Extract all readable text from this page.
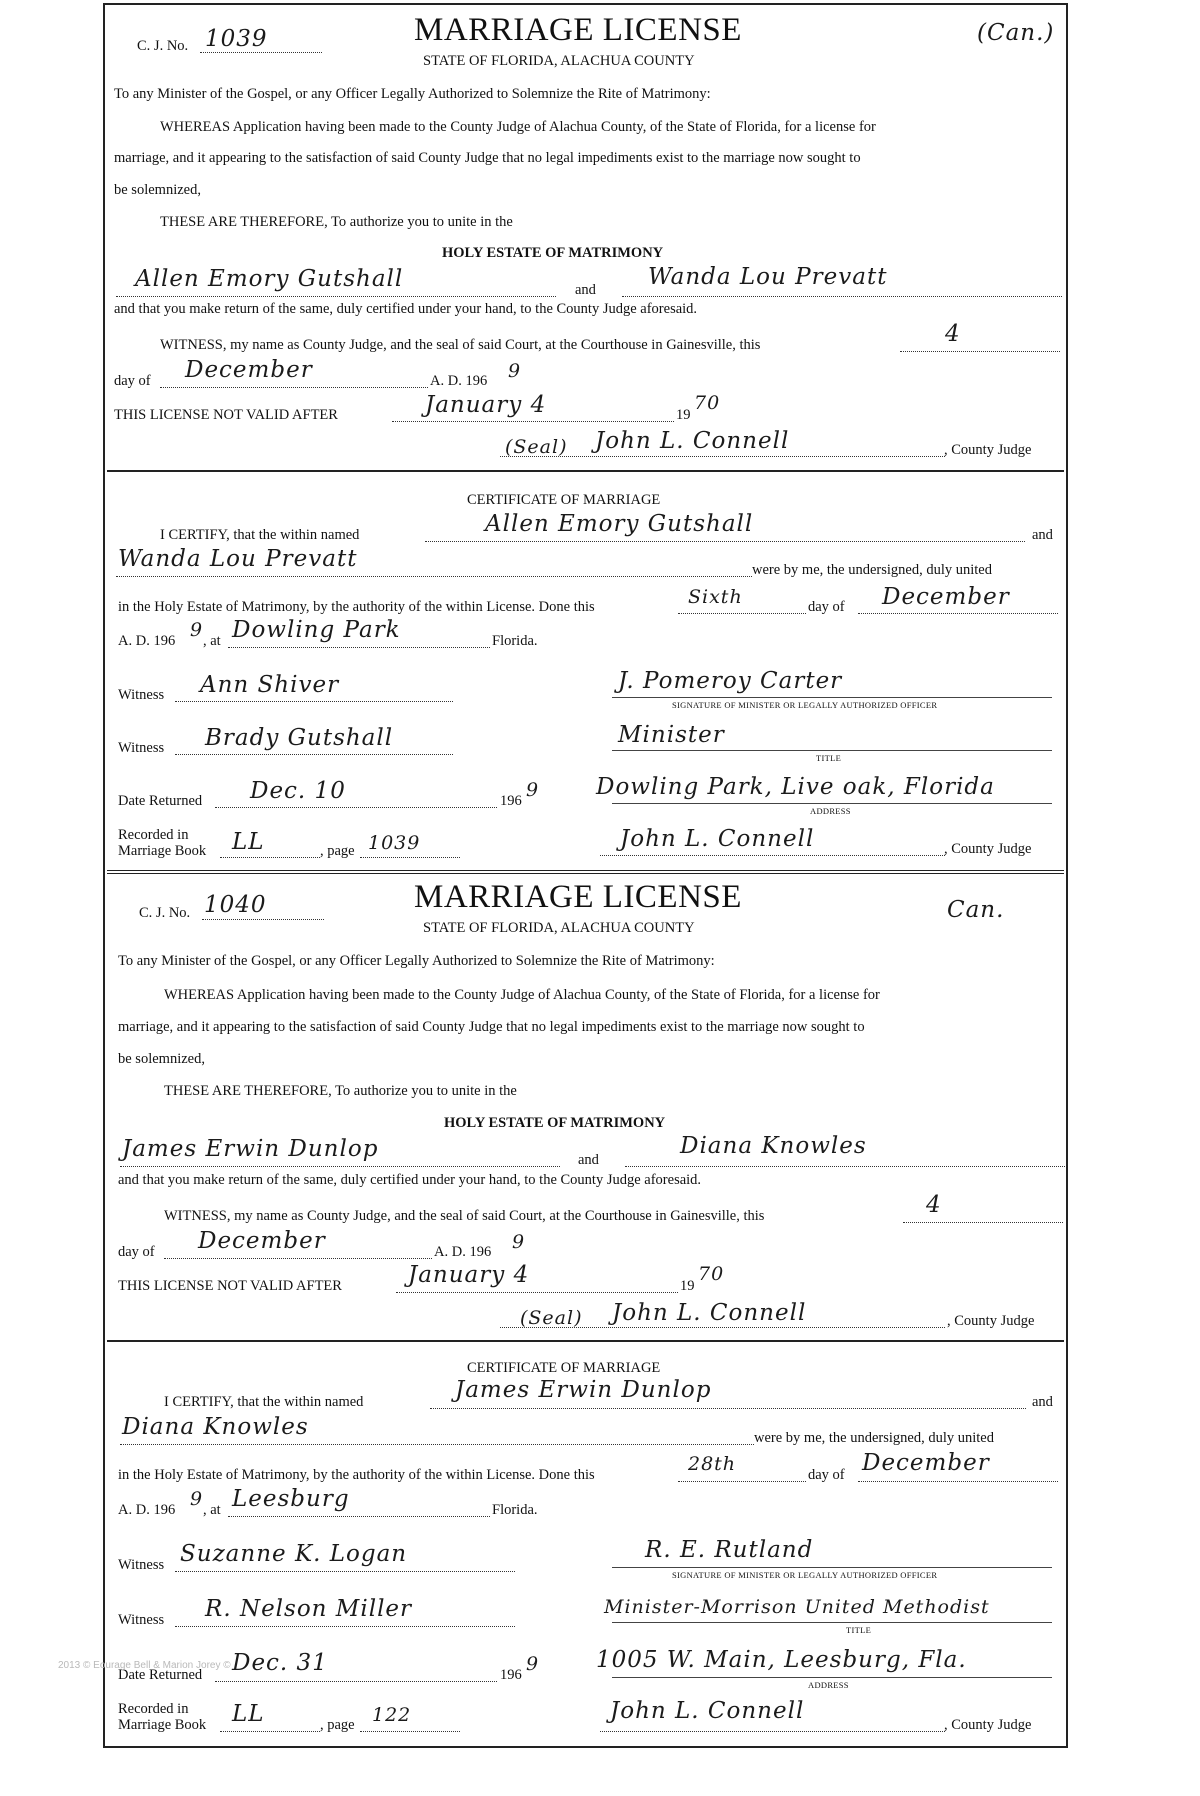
C. J. No. 1039	MARRIAGE LICENSE
STATE OF FLORIDA, ALACHUA COUNTY
(Can.)
To any Minister of the Gospel, or any Officer Legally Authorized to Solemnize the Rite of Matrimony:
WHEREAS Application having been made to the County Judge of Alachua County, of the State of Florida, for a license for
marriage, and it appearing to the satisfaction of said County Judge that no legal impediments exist to the marriage now sought to
be solemnized,
THESE ARE THEREFORE, To authorize you to unite in the
HOLY ESTATE OF MATRIMONY
Allen Emory Gutshall	and Wanda Lou Prevatt
and that you make return of the same, duly certified under your hand, to the County Judge aforesaid.
WITNESS, my name as County Judge, and the seal of said Court, at the Courthouse in Gainesville, this	4
day of December	A. D. 196 9
THIS LICENSE NOT VALID AFTER	January 4	19
70
(Seal) John L. Connell	, County Judge
CERTIFICATE OF MARRIAGE
I CERTIFY, that the within named	Allen Emory Gutshall	and
Wanda Lou Prevatt	were by me, the undersigned, duly united
in the Holy Estate of Matrimony, by the authority of the within License. Done this	Sixth	day of December
A. D. 196 9 , at Dowling Park	Florida.
Witness Ann Shiver	J. Pomeroy Carter
SIGNATURE OF MINISTER OR LEGALLY AUTHORIZED OFFICER
Witness Brady Gutshall	Minister
TITLE
Date Returned Dec. 10	196 9 Dowling Park, Live oak, Florida
ADDRESS
Recorded in
Marriage Book LL	, page 1039	John L. Connell	, County Judge
C. J. No. 1040	MARRIAGE LICENSE
STATE OF FLORIDA, ALACHUA COUNTY
Can.
To any Minister of the Gospel, or any Officer Legally Authorized to Solemnize the Rite of Matrimony:
WHEREAS Application having been made to the County Judge of Alachua County, of the State of Florida, for a license for
marriage, and it appearing to the satisfaction of said County Judge that no legal impediments exist to the marriage now sought to
be solemnized,
THESE ARE THEREFORE, To authorize you to unite in the
HOLY ESTATE OF MATRIMONY
James Erwin Dunlop	and
Diana Knowles
and that you make return of the same, duly certified under your hand, to the County Judge aforesaid.
WITNESS, my name as County Judge, and the seal of said Court, at the Courthouse in Gainesville, this	4
day of December	A. D. 196 9
THIS LICENSE NOT VALID AFTER	January 4	19
70
(Seal) John L. Connell	, County Judge
CERTIFICATE OF MARRIAGE
I CERTIFY, that the within named	James Erwin Dunlop	and
Diana Knowles	were by me, the undersigned, duly united
in the Holy Estate of Matrimony, by the authority of the within License. Done this	28th	day of December
A. D. 196 9 , at Leesburg	Florida.
Witness Suzanne K. Logan	R. E. Rutland
SIGNATURE OF MINISTER OR LEGALLY AUTHORIZED OFFICER
Witness R. Nelson Miller	Minister-Morrison United Methodist
TITLE
Date Returned Dec. 31	196 9 1005 W. Main, Leesburg, Fla.
ADDRESS
Recorded in
Marriage Book LL	, page 122	John L. Connell
, County Judge
2013 © Eourage Bell & Marion Jorey ©
